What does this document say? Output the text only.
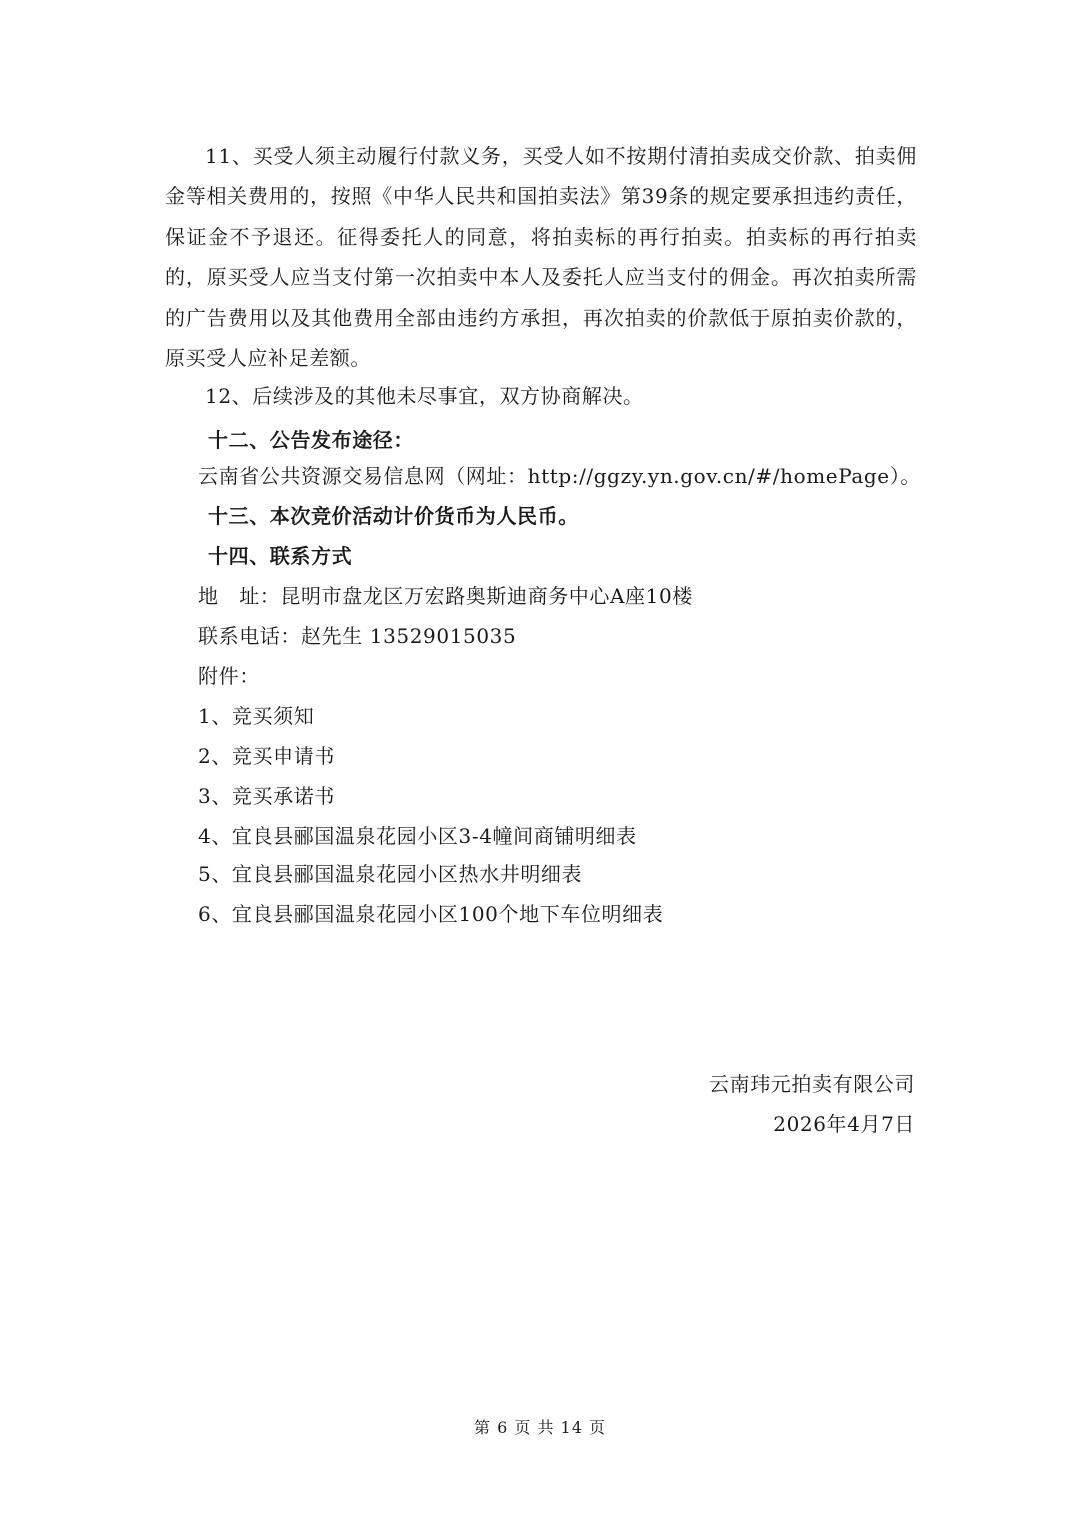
11、买受人须主动履行付款义务，买受人如不按期付清拍卖成交价款、拍卖佣金等相关费用的，按照《中华人民共和国拍卖法》第39条的规定要承担违约责任，保证金不予退还。征得委托人的同意，将拍卖标的再行拍卖。拍卖标的再行拍卖的，原买受人应当支付第一次拍卖中本人及委托人应当支付的佣金。再次拍卖所需的广告费用以及其他费用全部由违约方承担，再次拍卖的价款低于原拍卖价款的，原买受人应补足差额。

12、后续涉及的其他未尽事宜，双方协商解决。

十二、公告发布途径：

云南省公共资源交易信息网（网址：http://ggzy.yn.gov.cn/#/homePage）。

十三、本次竞价活动计价货币为人民币。

十四、联系方式

地　址：昆明市盘龙区万宏路奥斯迪商务中心A座10楼

联系电话：赵先生 13529015035

附件：

1、竞买须知

2、竞买申请书

3、竞买承诺书

4、宜良县郦国温泉花园小区3-4幢间商铺明细表

5、宜良县郦国温泉花园小区热水井明细表

6、宜良县郦国温泉花园小区100个地下车位明细表

云南玮元拍卖有限公司

2026年4月7日

第 6 页 共 14 页
